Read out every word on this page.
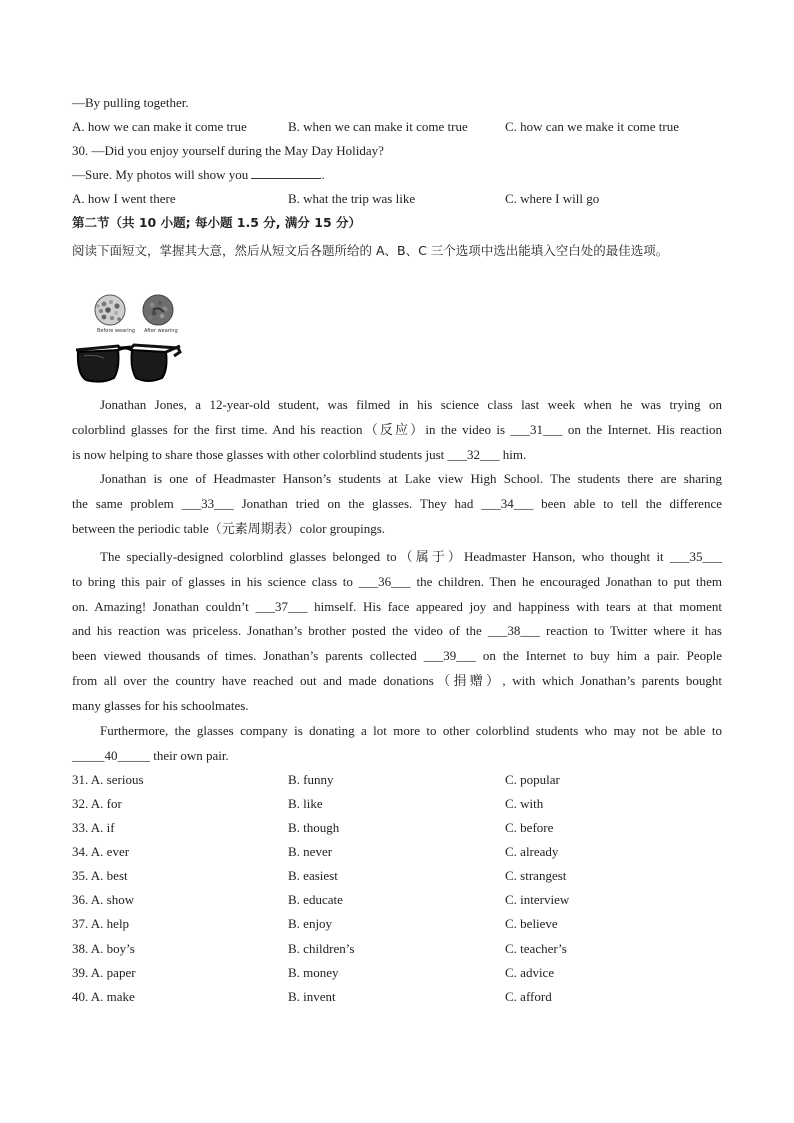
—By pulling together.
A. how we can make it come true	B. when we can make it come true	C. how can we make it come true
30. —Did you enjoy yourself during the May Day Holiday?
—Sure. My photos will show you	.
A. how I went there	B. what the trip was like	C. where I will go
第二节（共 10 小题; 每小题 1.5 分, 满分 15 分）
阅读下面短文，掌握其大意，然后从短文后各题所给的 A、B、C 三个选项中选出能填入空白处的最佳选项。
Before wearing After wearing
Jonathan Jones, a 12-year-old student, was filmed in his science class last week when he was trying on
colorblind glasses for the first time. And his reaction（反应）in the video is ___31___ on the Internet. His reaction
is now helping to share those glasses with other colorblind students just ___32___ him.
Jonathan is one of Headmaster Hanson’s students at Lake view High School. The students there are sharing
the same problem ___33___ Jonathan tried on the glasses. They had ___34___ been able to tell the difference
between the periodic table（元素周期表）color groupings.
The specially-designed colorblind glasses belonged to（属于）Headmaster Hanson, who thought it ___35___
to bring this pair of glasses in his science class to ___36___ the children. Then he encouraged Jonathan to put them
on. Amazing! Jonathan couldn’t ___37___ himself. His face appeared joy and happiness with tears at that moment
and his reaction was priceless. Jonathan’s brother posted the video of the ___38___ reaction to Twitter where it has
been viewed thousands of times. Jonathan’s parents collected ___39___ on the Internet to buy him a pair. People
from all over the country have reached out and made donations（捐赠）, with which Jonathan’s parents bought
many glasses for his schoolmates.
Furthermore, the glasses company is donating a lot more to other colorblind students who may not be able to
_____40_____ their own pair.
31. A. serious	B. funny	C. popular
32. A. for	B. like	C. with
33. A. if	B. though	C. before
34. A. ever	B. never	C. already
35. A. best	B. easiest	C. strangest
36. A. show	B. educate	C. interview
37. A. help	B. enjoy	C. believe
38. A. boy’s	B. children’s	C. teacher’s
39. A. paper	B. money	C. advice
40. A. make	B. invent	C. afford
